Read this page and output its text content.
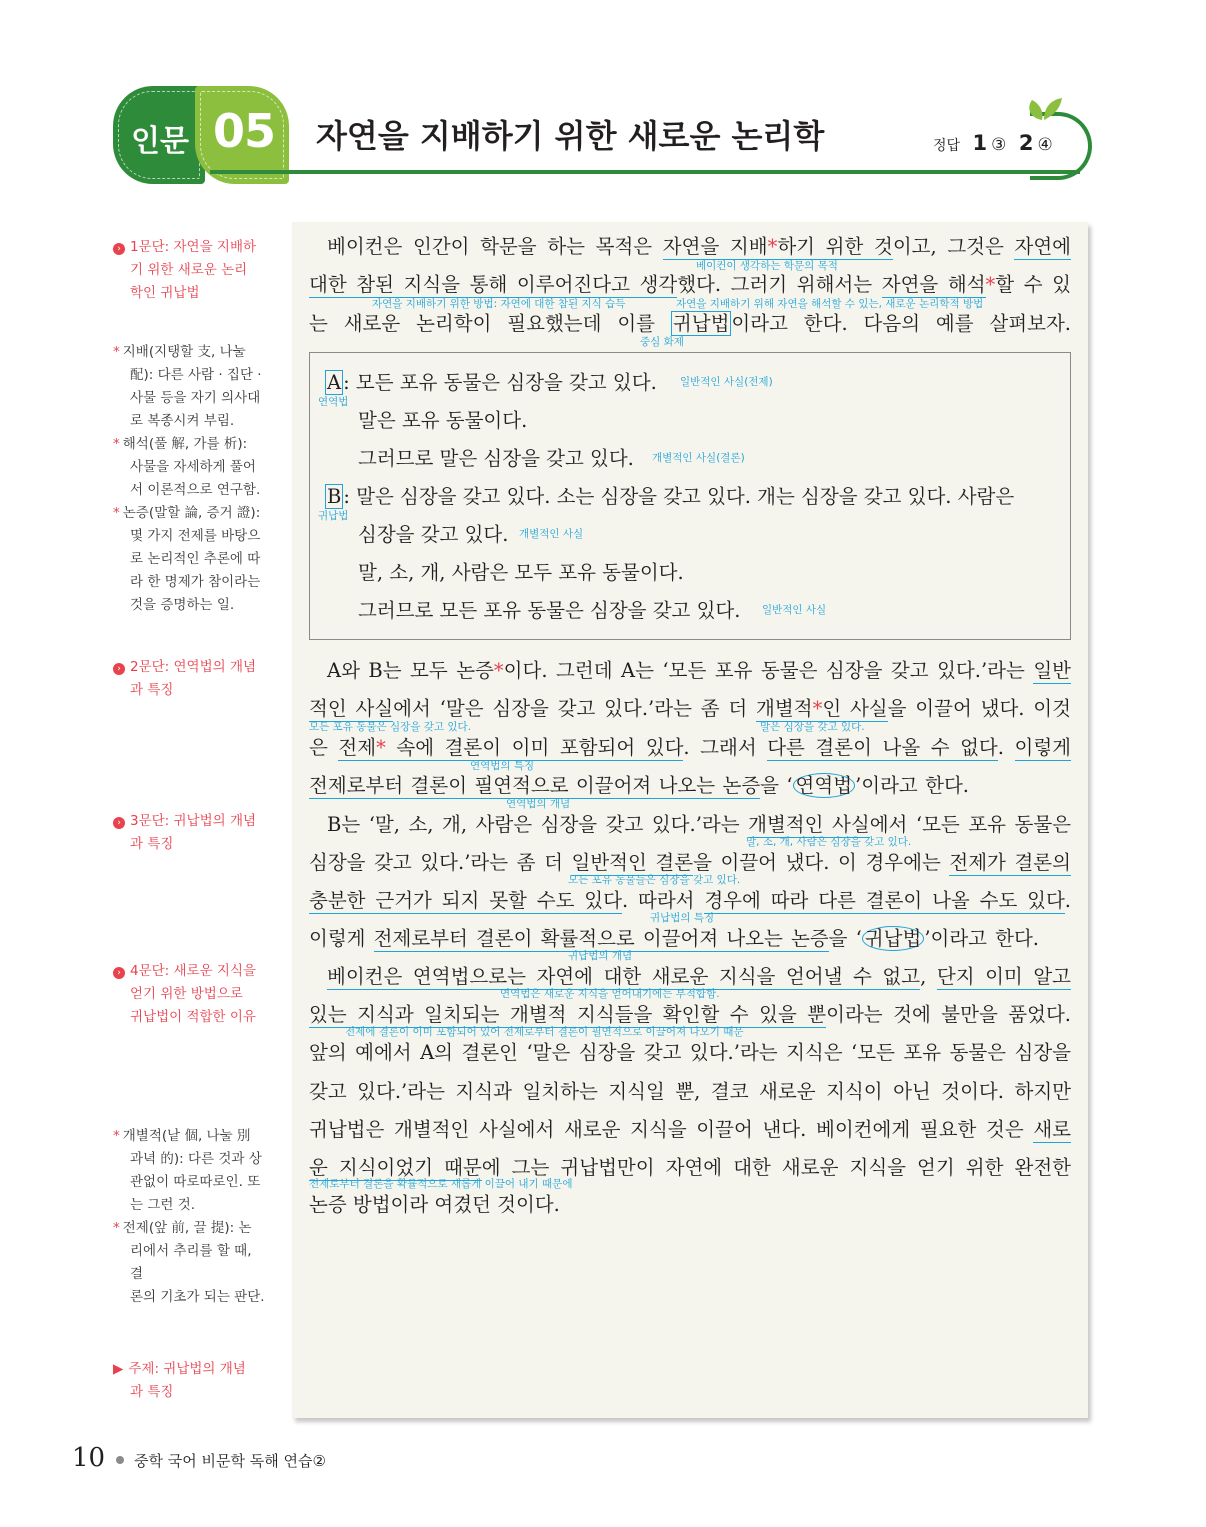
인문 05 자연을 지배하기 위한 새로운 논리학	정답 1 ③ 2 ④
› 1문단: 자연을 지배하
기 위한 새로운 논리
학인 귀납법
* 지배(지탱할 支, 나눌
配): 다른 사람 · 집단 ·
사물 등을 자기 의사대
로 복종시켜 부림.
* 해석(풀 解, 가를 析):
사물을 자세하게 풀어
서 이론적으로 연구함.
* 논증(말할 論, 증거 證):
몇 가지 전제를 바탕으
로 논리적인 추론에 따
라 한 명제가 참이라는
것을 증명하는 일.
› 2문단: 연역법의 개념
과 특징
› 3문단: 귀납법의 개념
과 특징
› 4문단: 새로운 지식을
얻기 위한 방법으로
귀납법이 적합한 이유
* 개별적(낱 個, 나눌 別
과녁 的): 다른 것과 상
관없이 따로따로인. 또
는 그런 것.
* 전제(앞 前, 끌 提): 논
리에서 추리를 할 때, 결
론의 기초가 되는 판단.
▶ 주제: 귀납법의 개념
과 특징
베이컨은 인간이 학문을 하는 목적은 자연을 지배*하기 위한 것이고, 그것은 자연에
베이컨이 생각하는 학문의 목적
대한 참된 지식을 통해 이루어진다고 생각했다. 그러기 위해서는 자연을 해석*할 수 있
자연을 지배하기 위한 방법: 자연에 대한 참된 지식 습득	자연을 지배하기 위해 자연을 해석할 수 있는, 새로운 논리학적 방법
는 새로운 논리학이 필요했는데 이를 귀납법 이라고 한다. 다음의 예를 살펴보자.
중심 화제
A : 모든 포유 동물은 심장을 갖고 있다. 일반적인 사실(전제)
연역법
말은 포유 동물이다.
그러므로 말은 심장을 갖고 있다. 개별적인 사실(결론)
B : 말은 심장을 갖고 있다. 소는 심장을 갖고 있다. 개는 심장을 갖고 있다. 사람은
귀납법
심장을 갖고 있다. 개별적인 사실
말, 소, 개, 사람은 모두 포유 동물이다.
그러므로 모든 포유 동물은 심장을 갖고 있다. 일반적인 사실
A와 B는 모두 논증*이다. 그런데 A는 ‘모든 포유 동물은 심장을 갖고 있다.’라는 일반
적인 사실에서 ‘말은 심장을 갖고 있다.’라는 좀 더 개별적*인 사실을 이끌어 냈다. 이것
모든 포유 동물은 심장을 갖고 있다.	말은 심장을 갖고 있다.
은 전제* 속에 결론이 이미 포함되어 있다. 그래서 다른 결론이 나올 수 없다. 이렇게
연역법의 특징
전제로부터 결론이 필연적으로 이끌어져 나오는 논증을 ‘ 연역법 ’이라고 한다.
연역법의 개념
B는 ‘말, 소, 개, 사람은 심장을 갖고 있다.’라는 개별적인 사실에서 ‘모든 포유 동물은
말, 소, 개, 사람은 심장을 갖고 있다.
심장을 갖고 있다.’라는 좀 더 일반적인 결론을 이끌어 냈다. 이 경우에는 전제가 결론의
모든 포유 동물들은 심장을 갖고 있다.
충분한 근거가 되지 못할 수도 있다. 따라서 경우에 따라 다른 결론이 나올 수도 있다.
귀납법의 특징
이렇게 전제로부터 결론이 확률적으로 이끌어져 나오는 논증을 ‘ 귀납법 ’이라고 한다.
귀납법의 개념
베이컨은 연역법으로는 자연에 대한 새로운 지식을 얻어낼 수 없고, 단지 이미 알고
연역법은 새로운 지식을 얻어내기에는 부적합함.
있는 지식과 일치되는 개별적 지식들을 확인할 수 있을 뿐이라는 것에 불만을 품었다.
전제에 결론이 이미 포함되어 있어 전제로부터 결론이 필연적으로 이끌어져 나오기 때문
앞의 예에서 A의 결론인 ‘말은 심장을 갖고 있다.’라는 지식은 ‘모든 포유 동물은 심장을
갖고 있다.’라는 지식과 일치하는 지식일 뿐, 결코 새로운 지식이 아닌 것이다. 하지만
귀납법은 개별적인 사실에서 새로운 지식을 이끌어 낸다. 베이컨에게 필요한 것은 새로
운 지식이었기 때문에 그는 귀납법만이 자연에 대한 새로운 지식을 얻기 위한 완전한
전제로부터 결론을 확률적으로 새롭게 이끌어 내기 때문에
논증 방법이라 여겼던 것이다.
10	중학 국어 비문학 독해 연습②
